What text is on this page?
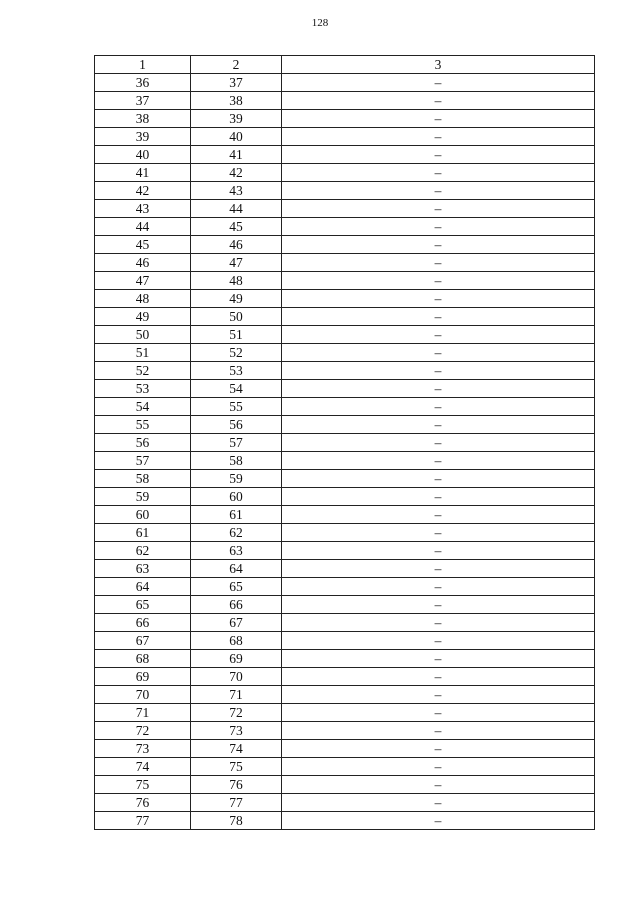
128
1	2	3
36	37	–
37	38	–
38	39	–
39	40	–
40	41	–
41	42	–
42	43	–
43	44	–
44	45	–
45	46	–
46	47	–
47	48	–
48	49	–
49	50	–
50	51	–
51	52	–
52	53	–
53	54	–
54	55	–
55	56	–
56	57	–
57	58	–
58	59	–
59	60	–
60	61	–
61	62	–
62	63	–
63	64	–
64	65	–
65	66	–
66	67	–
67	68	–
68	69	–
69	70	–
70	71	–
71	72	–
72	73	–
73	74	–
74	75	–
75	76	–
76	77	–
77	78	–
